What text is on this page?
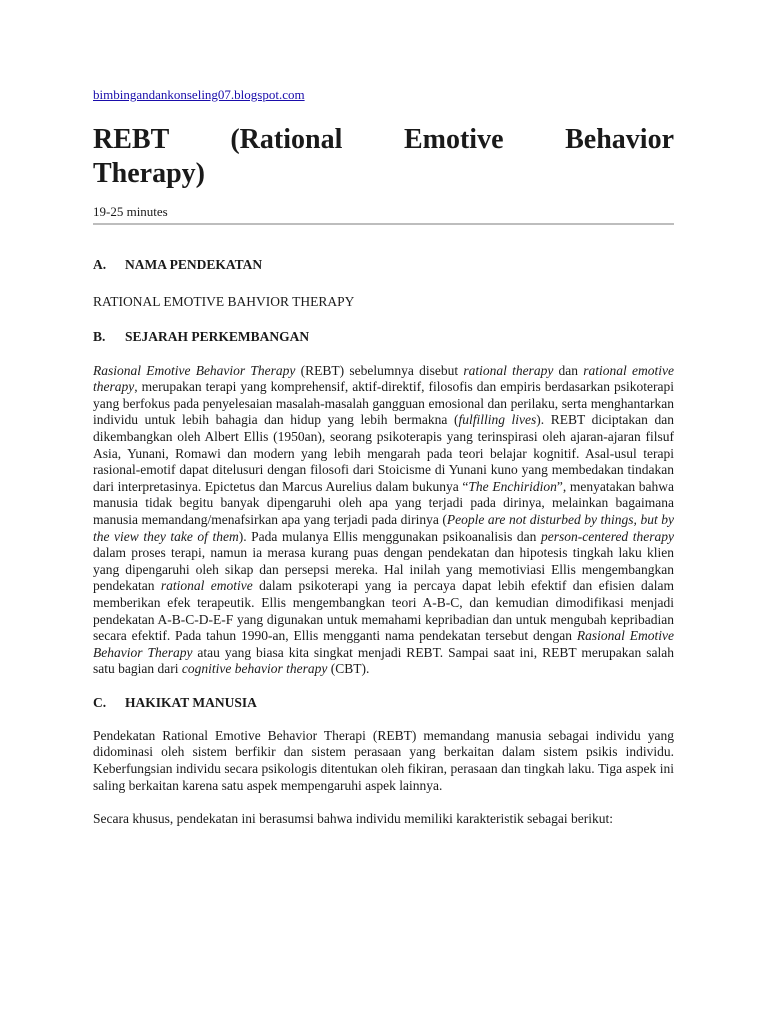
bimbingandankonseling07.blogspot.com
REBT (Rational Emotive Behavior
Therapy)
19-25 minutes
A.	NAMA PENDEKATAN

RATIONAL EMOTIVE BAHVIOR THERAPY

B.	SEJARAH PERKEMBANGAN

Rasional Emotive Behavior Therapy (REBT) sebelumnya disebut rational therapy dan rational emotive therapy, merupakan terapi yang komprehensif, aktif-direktif, filosofis dan empiris berdasarkan psikoterapi yang berfokus pada penyelesaian masalah-masalah gangguan emosional dan perilaku, serta menghantarkan individu untuk lebih bahagia dan hidup yang lebih bermakna (fulfilling lives). REBT diciptakan dan dikembangkan oleh Albert Ellis (1950an), seorang psikoterapis yang terinspirasi oleh ajaran-ajaran filsuf Asia, Yunani, Romawi dan modern yang lebih mengarah pada teori belajar kognitif. Asal-usul terapi rasional-emotif dapat ditelusuri dengan filosofi dari Stoicisme di Yunani kuno yang membedakan tindakan dari interpretasinya. Epictetus dan Marcus Aurelius dalam bukunya “The Enchiridion”, menyatakan bahwa manusia tidak begitu banyak dipengaruhi oleh apa yang terjadi pada dirinya, melainkan bagaimana manusia memandang/menafsirkan apa yang terjadi pada dirinya (People are not disturbed by things, but by the view they take of them). Pada mulanya Ellis menggunakan psikoanalisis dan person-centered therapy dalam proses terapi, namun ia merasa kurang puas dengan pendekatan dan hipotesis tingkah laku klien yang dipengaruhi oleh sikap dan persepsi mereka. Hal inilah yang memotiviasi Ellis mengembangkan pendekatan rational emotive dalam psikoterapi yang ia percaya dapat lebih efektif dan efisien dalam memberikan efek terapeutik. Ellis mengembangkan teori A-B-C, dan kemudian dimodifikasi menjadi pendekatan A-B-C-D-E-F yang digunakan untuk memahami kepribadian dan untuk mengubah kepribadian secara efektif. Pada tahun 1990-an, Ellis mengganti nama pendekatan tersebut dengan Rasional Emotive Behavior Therapy atau yang biasa kita singkat menjadi REBT. Sampai saat ini, REBT merupakan salah satu bagian dari cognitive behavior therapy (CBT).

C.	HAKIKAT MANUSIA

Pendekatan Rational Emotive Behavior Therapi (REBT) memandang manusia sebagai individu yang didominasi oleh sistem berfikir dan sistem perasaan yang berkaitan dalam sistem psikis individu. Keberfungsian individu secara psikologis ditentukan oleh fikiran, perasaan dan tingkah laku. Tiga aspek ini saling berkaitan karena satu aspek mempengaruhi aspek lainnya.

Secara khusus, pendekatan ini berasumsi bahwa individu memiliki karakteristik sebagai berikut:
